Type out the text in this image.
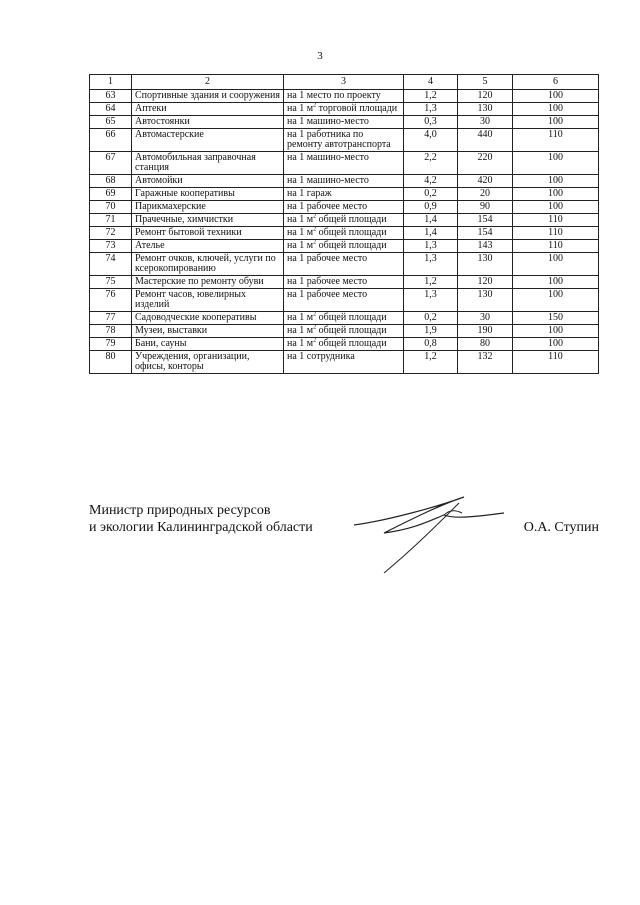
3
1	2	3	4	5	6
63	Спортивные здания и сооружения	на 1 место по проекту	1,2	120	100
64	Аптеки	на 1 $м^2$ торговой площади	1,3	130	100
65	Автостоянки	на 1 машино-место	0,3	30	100
66	Автомастерские	на 1 работника по ремонту автотранспорта	4,0	440	110
67	Автомобильная заправочная станция	на 1 машино-место	2,2	220	100
68	Автомойки	на 1 машино-место	4,2	420	100
69	Гаражные кооперативы	на 1 гараж	0,2	20	100
70	Парикмахерские	на 1 рабочее место	0,9	90	100
71	Прачечные, химчистки	на 1 $м^2$ общей площади	1,4	154	110
72	Ремонт бытовой техники	на 1 $м^2$ общей площади	1,4	154	110
73	Ателье	на 1 $м^2$ общей площади	1,3	143	110
74	Ремонт очков, ключей, услуги по ксерокопированию	на 1 рабочее место	1,3	130	100
75	Мастерские по ремонту обуви	на 1 рабочее место	1,2	120	100
76	Ремонт часов, ювелирных изделий	на 1 рабочее место	1,3	130	100
77	Садоводческие кооперативы	на 1 $м^2$ общей площади	0,2	30	150
78	Музеи, выставки	на 1 $м^2$ общей площади	1,9	190	100
79	Бани, сауны	на 1 $м^2$ общей площади	0,8	80	100
80	Учреждения, организации, офисы, конторы	на 1 сотрудника	1,2	132	110
Министр природных ресурсов
и экологии Калининградской области	О.А. Ступин
